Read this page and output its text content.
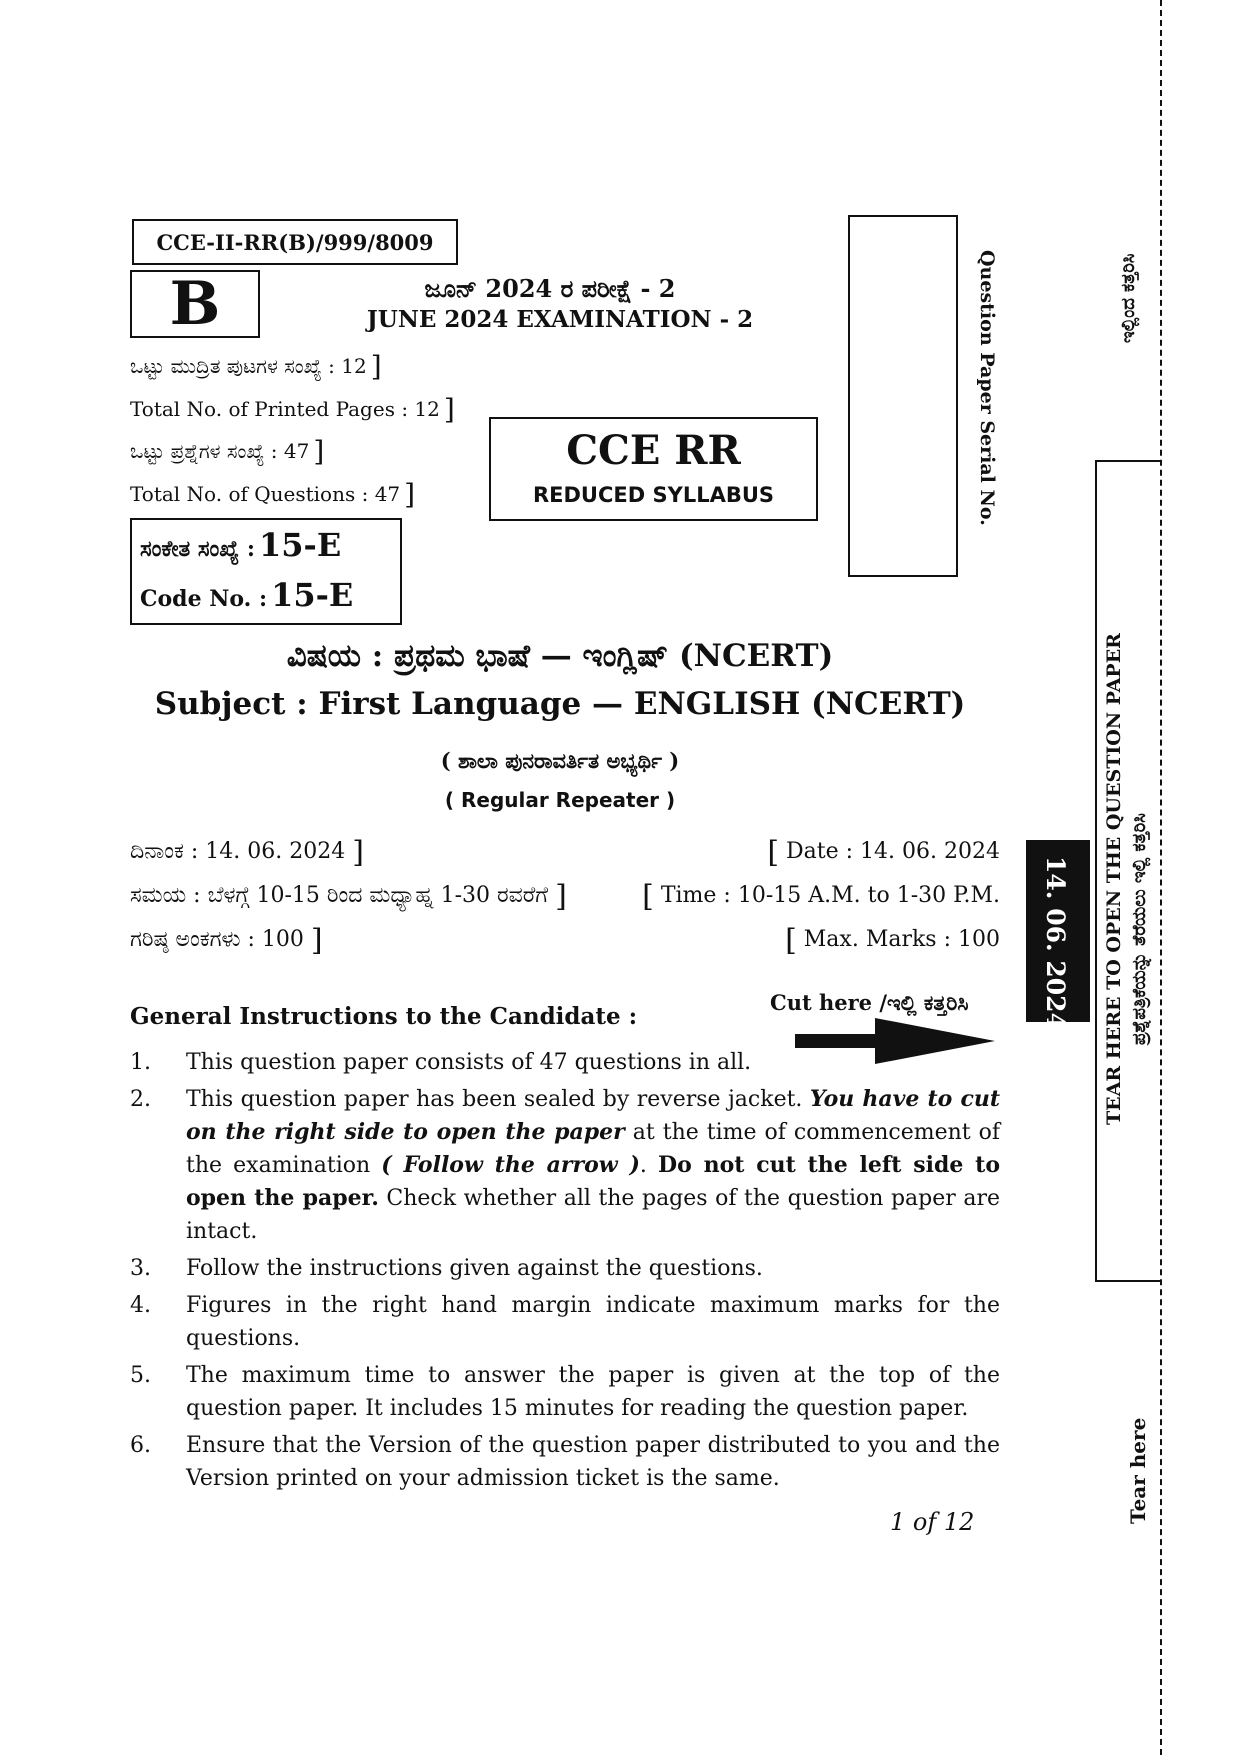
CCE-II-RR(B)/999/8009
B	ಜೂನ್ 2024 ರ ಪರೀಕ್ಷೆ - 2
JUNE 2024 EXAMINATION - 2
ಒಟ್ಟು ಮುದ್ರಿತ ಪುಟಗಳ ಸಂಖ್ಯೆ : 12 ]
Total No. of Printed Pages : 12 ]
ಒಟ್ಟು ಪ್ರಶ್ನೆಗಳ ಸಂಖ್ಯೆ : 47 ]
Total No. of Questions : 47 ]
CCE RR
REDUCED SYLLABUS
ಸಂಕೇತ ಸಂಖ್ಯೆ : 15-E
Code No. : 15-E
Question Paper Serial No.
ವಿಷಯ : ಪ್ರಥಮ ಭಾಷೆ — ಇಂಗ್ಲಿಷ್ (NCERT)
Subject : First Language — ENGLISH (NCERT)
( ಶಾಲಾ ಪುನರಾವರ್ತಿತ ಅಭ್ಯರ್ಥಿ )
( Regular Repeater )
ದಿನಾಂಕ : 14. 06. 2024 ]	[ Date : 14. 06. 2024
ಸಮಯ : ಬೆಳಗ್ಗೆ 10-15 ರಿಂದ ಮಧ್ಯಾಹ್ನ 1-30 ರವರೆಗೆ ]	[ Time : 10-15 A.M. to 1-30 P.M.
ಗರಿಷ್ಠ ಅಂಕಗಳು : 100 ]	[ Max. Marks : 100
General Instructions to the Candidate :
Cut here /ಇಲ್ಲಿ ಕತ್ತರಿಸಿ
1. This question paper consists of 47 questions in all.
2. This question paper has been sealed by reverse jacket. You have to cut on the right side to open the paper at the time of commencement of the examination ( Follow the arrow ). Do not cut the left side to open the paper. Check whether all the pages of the question paper are intact.
3. Follow the instructions given against the questions.
4. Figures in the right hand margin indicate maximum marks for the questions.
5. The maximum time to answer the paper is given at the top of the question paper. It includes 15 minutes for reading the question paper.
6. Ensure that the Version of the question paper distributed to you and the Version printed on your admission ticket is the same.
1 of 12
ಇಲ್ಲಿಂದ ಕತ್ತರಿಸಿ
TEAR HERE TO OPEN THE QUESTION PAPER ಪ್ರಶ್ನೆಪತ್ರಿಕೆಯನ್ನು ತೆರೆಯಲು ಇಲ್ಲಿ ಕತ್ತರಿಸಿ
14. 06. 2024
Tear here
